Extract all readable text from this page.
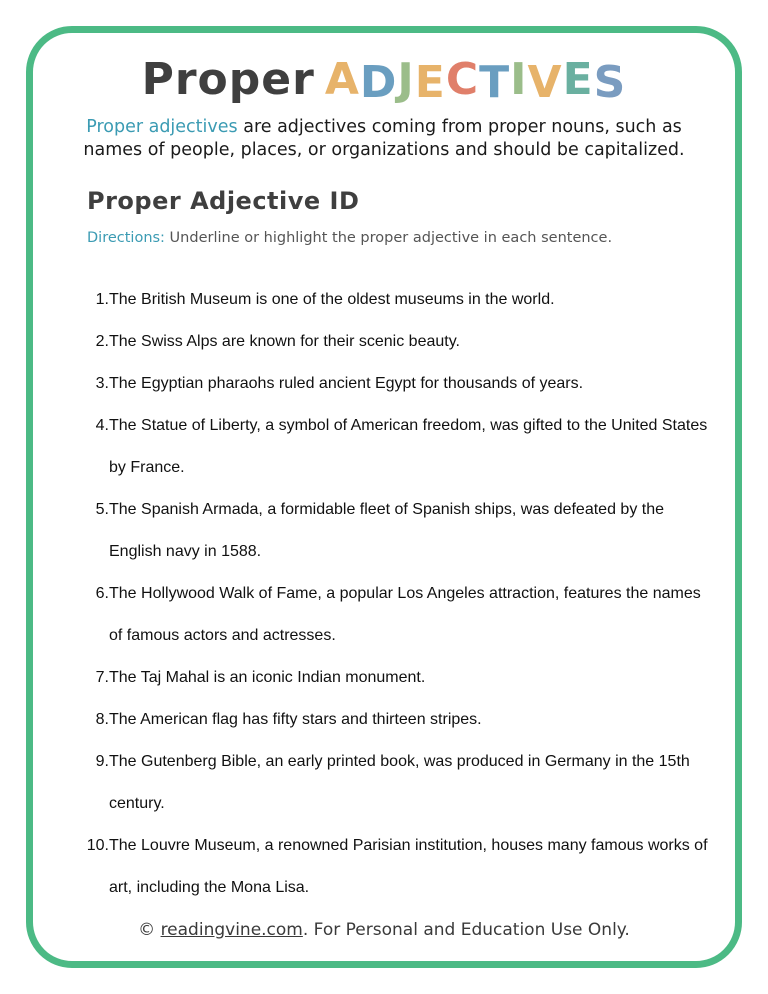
Proper ADJECTIVES
Proper adjectives are adjectives coming from proper nouns, such as names of people, places, or organizations and should be capitalized.
Proper Adjective ID
Directions: Underline or highlight the proper adjective in each sentence.
1. The British Museum is one of the oldest museums in the world.
2. The Swiss Alps are known for their scenic beauty.
3. The Egyptian pharaohs ruled ancient Egypt for thousands of years.
4. The Statue of Liberty, a symbol of American freedom, was gifted to the United States by France.
5. The Spanish Armada, a formidable fleet of Spanish ships, was defeated by the English navy in 1588.
6. The Hollywood Walk of Fame, a popular Los Angeles attraction, features the names of famous actors and actresses.
7. The Taj Mahal is an iconic Indian monument.
8. The American flag has fifty stars and thirteen stripes.
9. The Gutenberg Bible, an early printed book, was produced in Germany in the 15th century.
10. The Louvre Museum, a renowned Parisian institution, houses many famous works of art, including the Mona Lisa.
© readingvine.com. For Personal and Education Use Only.
